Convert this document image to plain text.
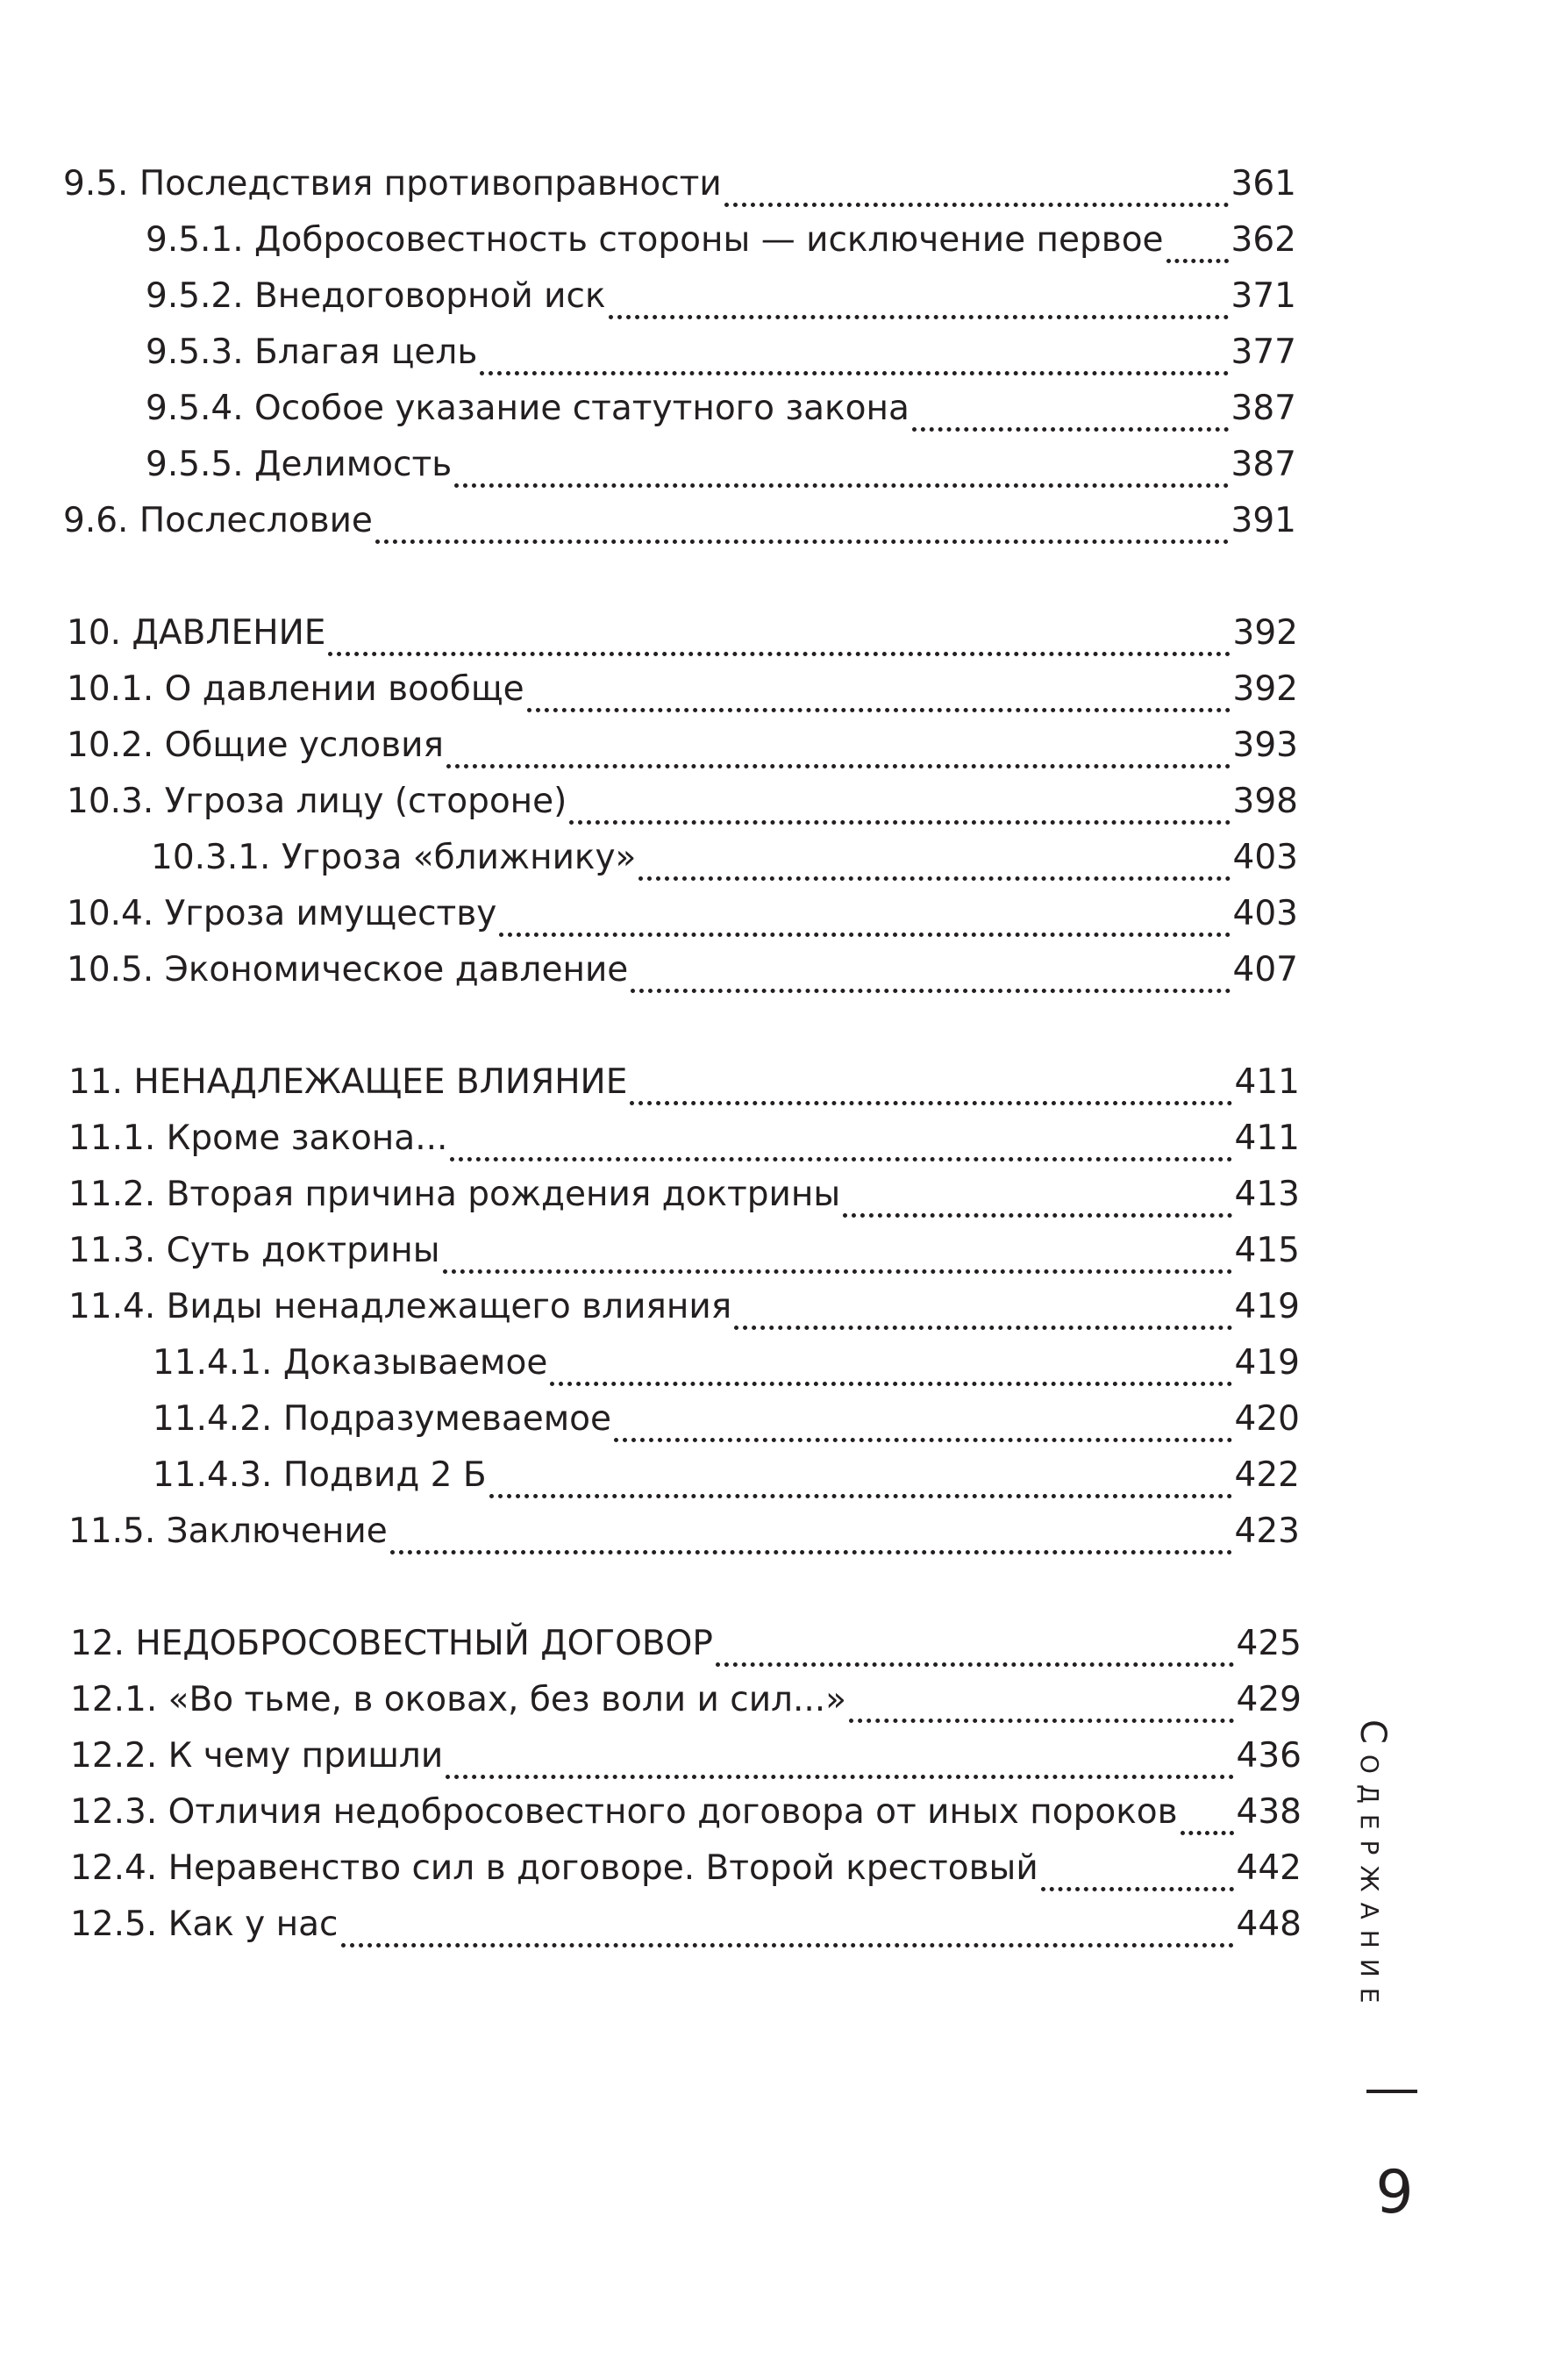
9.5. Последствия противоправности	361
9.5.1. Добросовестность стороны — исключение первое 362
9.5.2. Внедоговорной иск	371
9.5.3. Благая цель	377
9.5.4. Особое указание статутного закона	387
9.5.5. Делимость	387
9.6. Послесловие	391
10. ДАВЛЕНИЕ	392
10.1. О давлении вообще	392
10.2. Общие условия	393
10.3. Угроза лицу (стороне)	398
10.3.1. Угроза «ближнику»	403
10.4. Угроза имуществу	403
10.5. Экономическое давление	407
11. НЕНАДЛЕЖАЩЕЕ ВЛИЯНИЕ	411
11.1. Кроме закона...	411
11.2. Вторая причина рождения доктрины	413
11.3. Суть доктрины	415
11.4. Виды ненадлежащего влияния	419
11.4.1. Доказываемое	419
11.4.2. Подразумеваемое	420
11.4.3. Подвид 2 Б	422
11.5. Заключение	423
12. НЕДОБРОСОВЕСТНЫЙ ДОГОВОР	425
12.1. «Во тьме, в оковах, без воли и сил...»	429
12.2. К чему пришли	436
12.3. Отличия недобросовестного договора от иных пороков 438
12.4. Неравенство сил в договоре. Второй крестовый	442
12.5. Как у нас	448 Содержание
9
